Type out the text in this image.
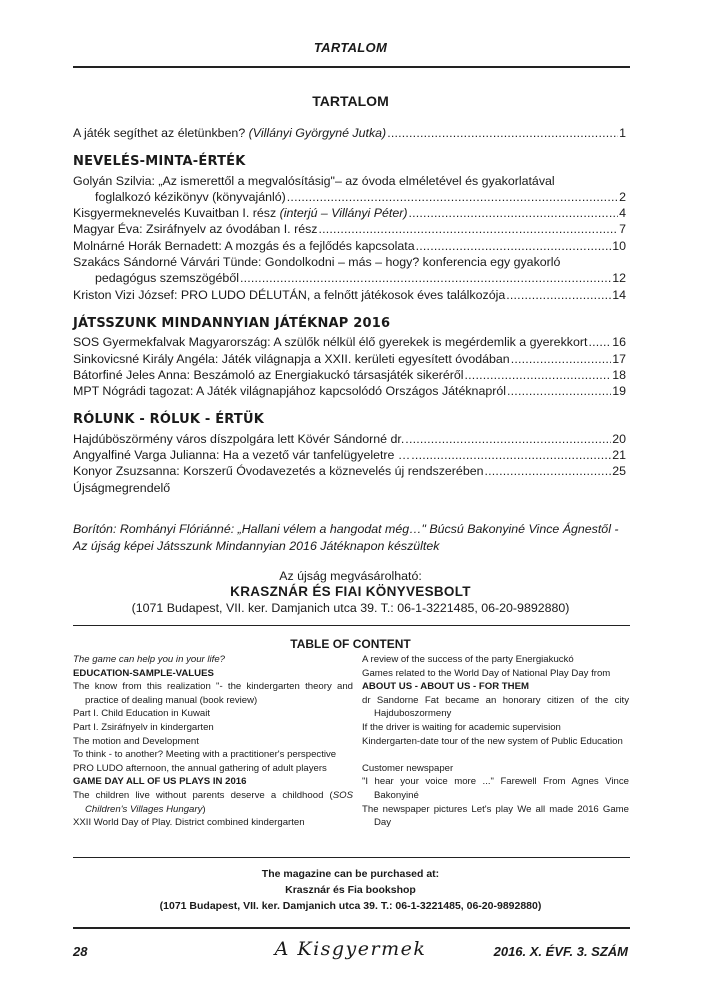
TARTALOM
TARTALOM
A játék segíthet az életünkben? (Villányi Györgyné Jutka) .....	1
NEVELÉS-MINTA-ÉRTÉK
Golyán Szilvia: „Az ismerettől a megvalósításig"– az óvoda elméletével és gyakorlatával
foglalkozó kézikönyv (könyvajánló) .....	2
Kisgyermeknevelés Kuvaitban I. rész (interjú – Villányi Péter) .....	4
Magyar Éva: Zsiráfnyelv az óvodában I. rész .....	7
Molnárné Horák Bernadett: A mozgás és a fejlődés kapcsolata .....	10
Szakács Sándorné Várvári Tünde: Gondolkodni – más – hogy? konferencia egy gyakorló
pedagógus szemszögéből .....	12
Kriston Vizi József: PRO LUDO DÉLUTÁN, a felnőtt játékosok éves találkozója .....	14
JÁTSSZUNK MINDANNYIAN JÁTÉKNAP 2016
SOS Gyermekfalvak Magyarország: A szülők nélkül élő gyerekek is megérdemlik a gyerekkort ..... 16
Sinkovicsné Király Angéla: Játék világnapja a XXII. kerületi egyesített óvodában .....	17
Bátorfiné Jeles Anna: Beszámoló az Energiakuckó társasjáték sikeréről .....	18
MPT Nógrádi tagozat: A Játék világnapjához kapcsolódó Országos Játéknapról .....	19
RÓLUNK - RÓLUK - ÉRTÜK
Hajdúböszörmény város díszpolgára lett Kövér Sándorné dr. .....	20
Angyalfiné Varga Julianna: Ha a vezető vár tanfelügyeletre … .....	21
Konyor Zsuzsanna: Korszerű Óvodavezetés a köznevelés új rendszerében .....	25
Újságmegrendelő
Borítón: Romhányi Flóriánné: „Hallani vélem a hangodat még…" Búcsú Bakonyiné Vince Ágnestől -
Az újság képei Játsszunk Mindannyian 2016 Játéknapon készültek
Az újság megvásárolható:
KRASZNÁR ÉS FIAI KÖNYVESBOLT
(1071 Budapest, VII. ker. Damjanich utca 39. T.: 06-1-3221485, 06-20-9892880)
TABLE OF CONTENT
The game can help you in your life?
EDUCATION-SAMPLE-VALUES
The know from this realization "- the kindergarten theory and practice of dealing manual (book review)
Part I. Child Education in Kuwait
Part I. Zsiráfnyelv in kindergarten
The motion and Development
To think - to another? Meeting with a practitioner's perspective
PRO LUDO afternoon, the annual gathering of adult players
GAME DAY ALL OF US PLAYS IN 2016
The children live without parents deserve a childhood (SOS Children's Villages Hungary)
XXII World Day of Play. District combined kindergarten
A review of the success of the party Energiakuckó
Games related to the World Day of National Play Day from
ABOUT US - ABOUT US - FOR THEM
dr Sandorne Fat became an honorary citizen of the city Hajduboszormeny
If the driver is waiting for academic supervision
Kindergarten-date tour of the new system of Public Education

Customer newspaper
"I hear your voice more ..." Farewell From Agnes Vince Bakonyiné
The newspaper pictures Let's play We all made 2016 Game Day
The magazine can be purchased at:
Krasznár és Fia bookshop
(1071 Budapest, VII. ker. Damjanich utca 39. T.: 06-1-3221485, 06-20-9892880)
28	A Kisgyermek	2016. X. ÉVF. 3. SZÁM
